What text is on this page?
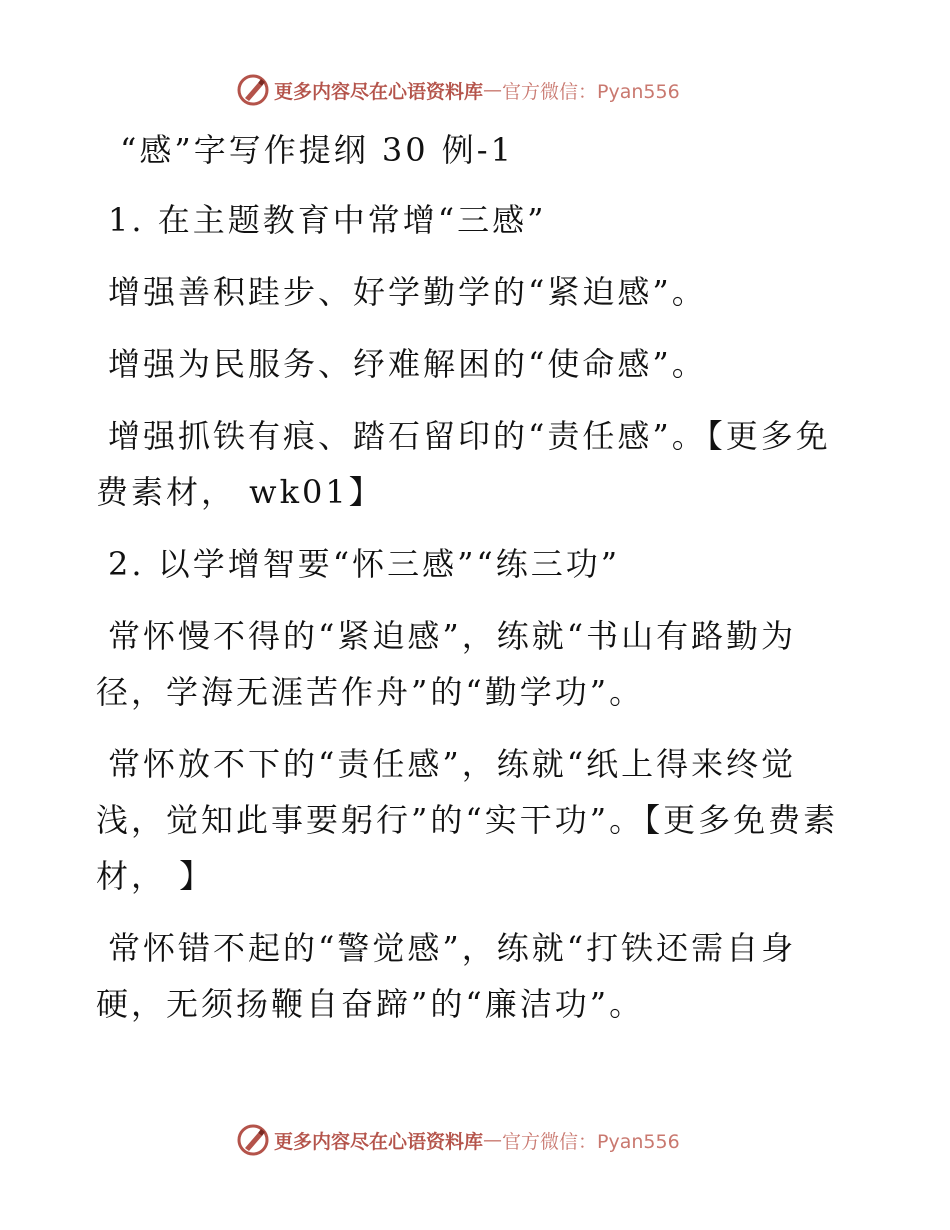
更多内容尽在心语资料库 — 官方微信：Pyan556

“感”字写作提纲 30 例-1

1. 在主题教育中常增“三感”

增强善积跬步、好学勤学的“紧迫感”。

增强为民服务、纾难解困的“使命感”。

增强抓铁有痕、踏石留印的“责任感”。【更多免费素材， wk01】

2. 以学增智要“怀三感”“练三功”

常怀慢不得的“紧迫感”，练就“书山有路勤为径，学海无涯苦作舟”的“勤学功”。

常怀放不下的“责任感”，练就“纸上得来终觉浅，觉知此事要躬行”的“实干功”。【更多免费素材， 】

常怀错不起的“警觉感”，练就“打铁还需自身硬，无须扬鞭自奋蹄”的“廉洁功”。

更多内容尽在心语资料库 — 官方微信：Pyan556
